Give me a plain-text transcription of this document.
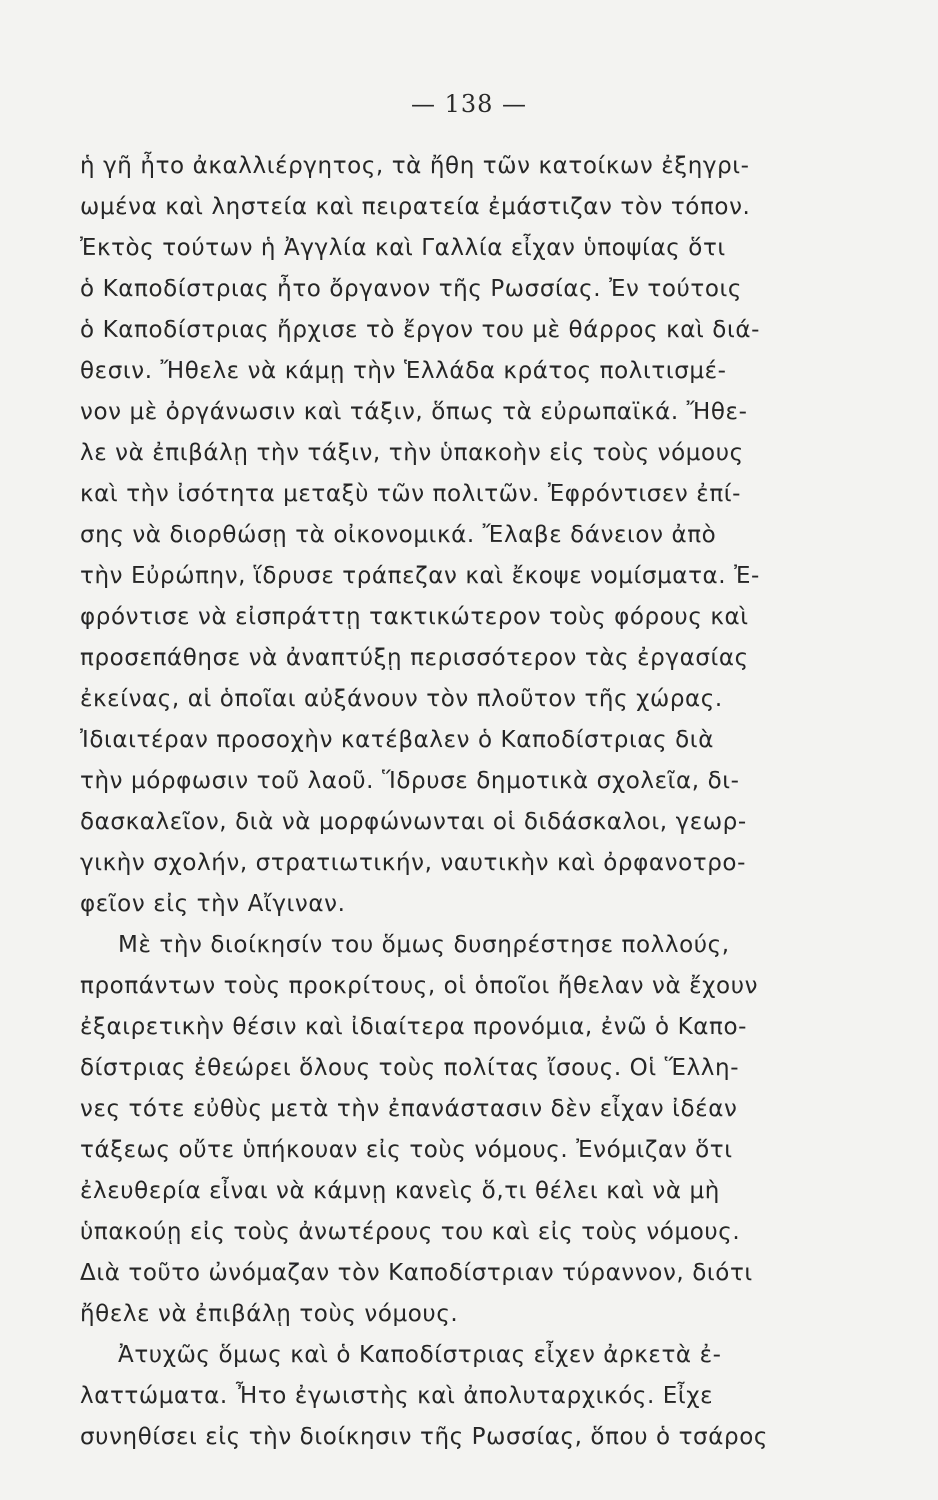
— 138 —
ἡ γῆ ἦτο ἀκαλλιέργητος, τὰ ἤθη τῶν κατοίκων ἐξηγρι-
ωμένα καὶ ληστεία καὶ πειρατεία ἐμάστιζαν τὸν τόπον.
Ἐκτὸς τούτων ἡ Ἀγγλία καὶ Γαλλία εἶχαν ὑποψίας ὅτι
ὁ Καποδίστριας ἦτο ὄργανον τῆς Ρωσσίας. Ἐν τούτοις
ὁ Καποδίστριας ἤρχισε τὸ ἔργον του μὲ θάρρος καὶ διά-
θεσιν. Ἤθελε νὰ κάμῃ τὴν Ἑλλάδα κράτος πολιτισμέ-
νον μὲ ὀργάνωσιν καὶ τάξιν, ὅπως τὰ εὐρωπαϊκά. Ἤθε-
λε νὰ ἐπιβάλῃ τὴν τάξιν, τὴν ὑπακοὴν εἰς τοὺς νόμους
καὶ τὴν ἰσότητα μεταξὺ τῶν πολιτῶν. Ἐφρόντισεν ἐπί-
σης νὰ διορθώσῃ τὰ οἰκονομικά. Ἔλαβε δάνειον ἀπὸ
τὴν Εὐρώπην, ἵδρυσε τράπεζαν καὶ ἔκοψε νομίσματα. Ἐ-
φρόντισε νὰ εἰσπράττῃ τακτικώτερον τοὺς φόρους καὶ
προσεπάθησε νὰ ἀναπτύξῃ περισσότερον τὰς ἐργασίας
ἐκείνας, αἱ ὁποῖαι αὐξάνουν τὸν πλοῦτον τῆς χώρας.
Ἰδιαιτέραν προσοχὴν κατέβαλεν ὁ Καποδίστριας διὰ
τὴν μόρφωσιν τοῦ λαοῦ. Ἵδρυσε δημοτικὰ σχολεῖα, δι-
δασκαλεῖον, διὰ νὰ μορφώνωνται οἱ διδάσκαλοι, γεωρ-
γικὴν σχολήν, στρατιωτικήν, ναυτικὴν καὶ ὀρφανοτρο-
φεῖον εἰς τὴν Αἴγιναν.
Μὲ τὴν διοίκησίν του ὅμως δυσηρέστησε πολλούς,
προπάντων τοὺς προκρίτους, οἱ ὁποῖοι ἤθελαν νὰ ἔχουν
ἐξαιρετικὴν θέσιν καὶ ἰδιαίτερα προνόμια, ἐνῶ ὁ Καπο-
δίστριας ἐθεώρει ὅλους τοὺς πολίτας ἴσους. Οἱ Ἕλλη-
νες τότε εὐθὺς μετὰ τὴν ἐπανάστασιν δὲν εἶχαν ἰδέαν
τάξεως οὔτε ὑπήκουαν εἰς τοὺς νόμους. Ἐνόμιζαν ὅτι
ἐλευθερία εἶναι νὰ κάμνῃ κανεὶς ὅ,τι θέλει καὶ νὰ μὴ
ὑπακούῃ εἰς τοὺς ἀνωτέρους του καὶ εἰς τοὺς νόμους.
Διὰ τοῦτο ὠνόμαζαν τὸν Καποδίστριαν τύραννον, διότι
ἤθελε νὰ ἐπιβάλῃ τοὺς νόμους.
Ἀτυχῶς ὅμως καὶ ὁ Καποδίστριας εἶχεν ἀρκετὰ ἐ-
λαττώματα. Ἦτο ἐγωιστὴς καὶ ἀπολυταρχικός. Εἶχε
συνηθίσει εἰς τὴν διοίκησιν τῆς Ρωσσίας, ὅπου ὁ τσάρος
